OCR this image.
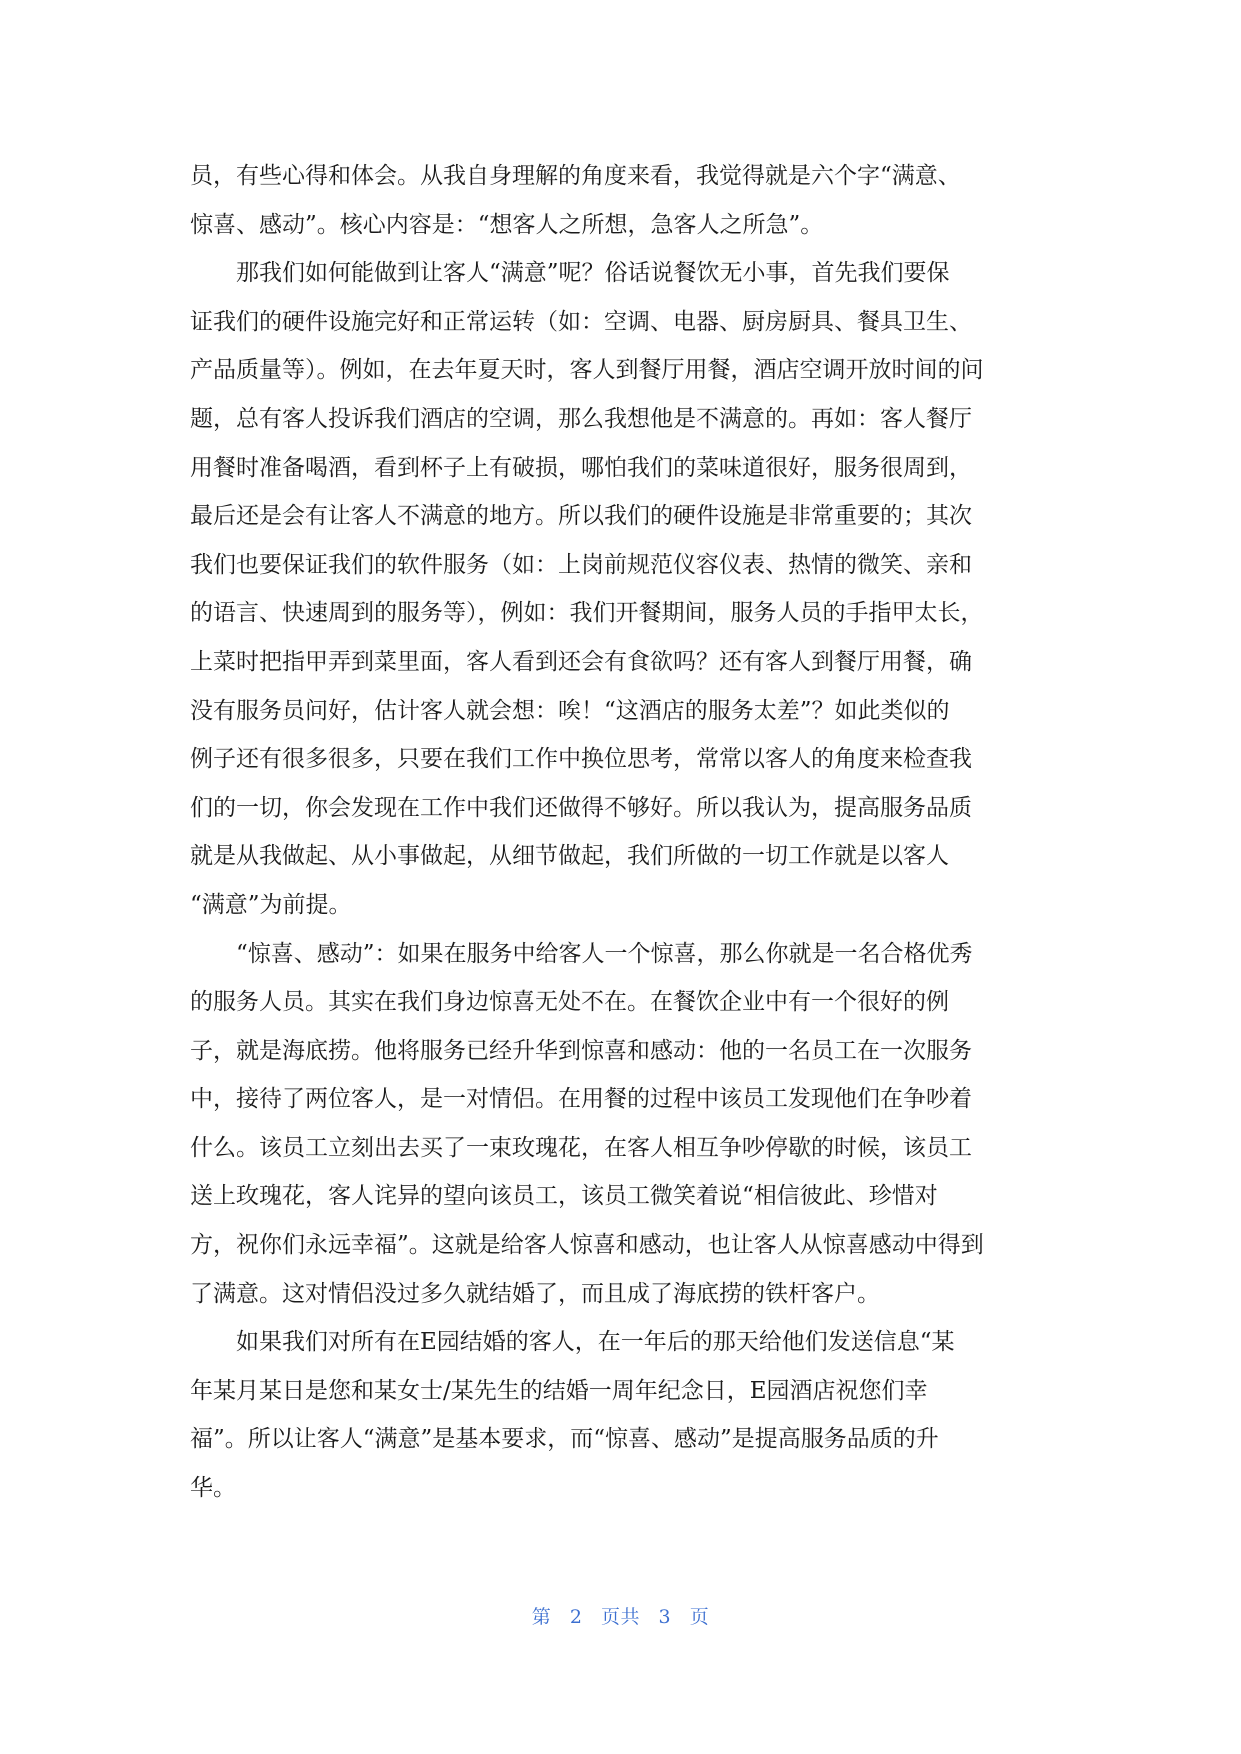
员，有些心得和体会。从我自身理解的角度来看，我觉得就是六个字“满意、
惊喜、感动”。核心内容是：“想客人之所想，急客人之所急”。
那我们如何能做到让客人“满意”呢？俗话说餐饮无小事，首先我们要保
证我们的硬件设施完好和正常运转（如：空调、电器、厨房厨具、餐具卫生、
产品质量等）。例如，在去年夏天时，客人到餐厅用餐，酒店空调开放时间的问
题，总有客人投诉我们酒店的空调，那么我想他是不满意的。再如：客人餐厅
用餐时准备喝酒，看到杯子上有破损，哪怕我们的菜味道很好，服务很周到，
最后还是会有让客人不满意的地方。所以我们的硬件设施是非常重要的；其次
我们也要保证我们的软件服务（如：上岗前规范仪容仪表、热情的微笑、亲和
的语言、快速周到的服务等），例如：我们开餐期间，服务人员的手指甲太长，
上菜时把指甲弄到菜里面，客人看到还会有食欲吗？还有客人到餐厅用餐，确
没有服务员问好，估计客人就会想：唉！“这酒店的服务太差”？如此类似的
例子还有很多很多，只要在我们工作中换位思考，常常以客人的角度来检查我
们的一切，你会发现在工作中我们还做得不够好。所以我认为，提高服务品质
就是从我做起、从小事做起，从细节做起，我们所做的一切工作就是以客人
“满意”为前提。
“惊喜、感动”：如果在服务中给客人一个惊喜，那么你就是一名合格优秀
的服务人员。其实在我们身边惊喜无处不在。在餐饮企业中有一个很好的例
子，就是海底捞。他将服务已经升华到惊喜和感动：他的一名员工在一次服务
中，接待了两位客人，是一对情侣。在用餐的过程中该员工发现他们在争吵着
什么。该员工立刻出去买了一束玫瑰花，在客人相互争吵停歇的时候，该员工
送上玫瑰花，客人诧异的望向该员工，该员工微笑着说“相信彼此、珍惜对
方，祝你们永远幸福”。这就是给客人惊喜和感动，也让客人从惊喜感动中得到
了满意。这对情侣没过多久就结婚了，而且成了海底捞的铁杆客户。
如果我们对所有在E园结婚的客人，在一年后的那天给他们发送信息“某
年某月某日是您和某女士/某先生的结婚一周年纪念日，E园酒店祝您们幸
福”。所以让客人“满意”是基本要求，而“惊喜、感动”是提高服务品质的升
华。
第 2 页共 3 页
